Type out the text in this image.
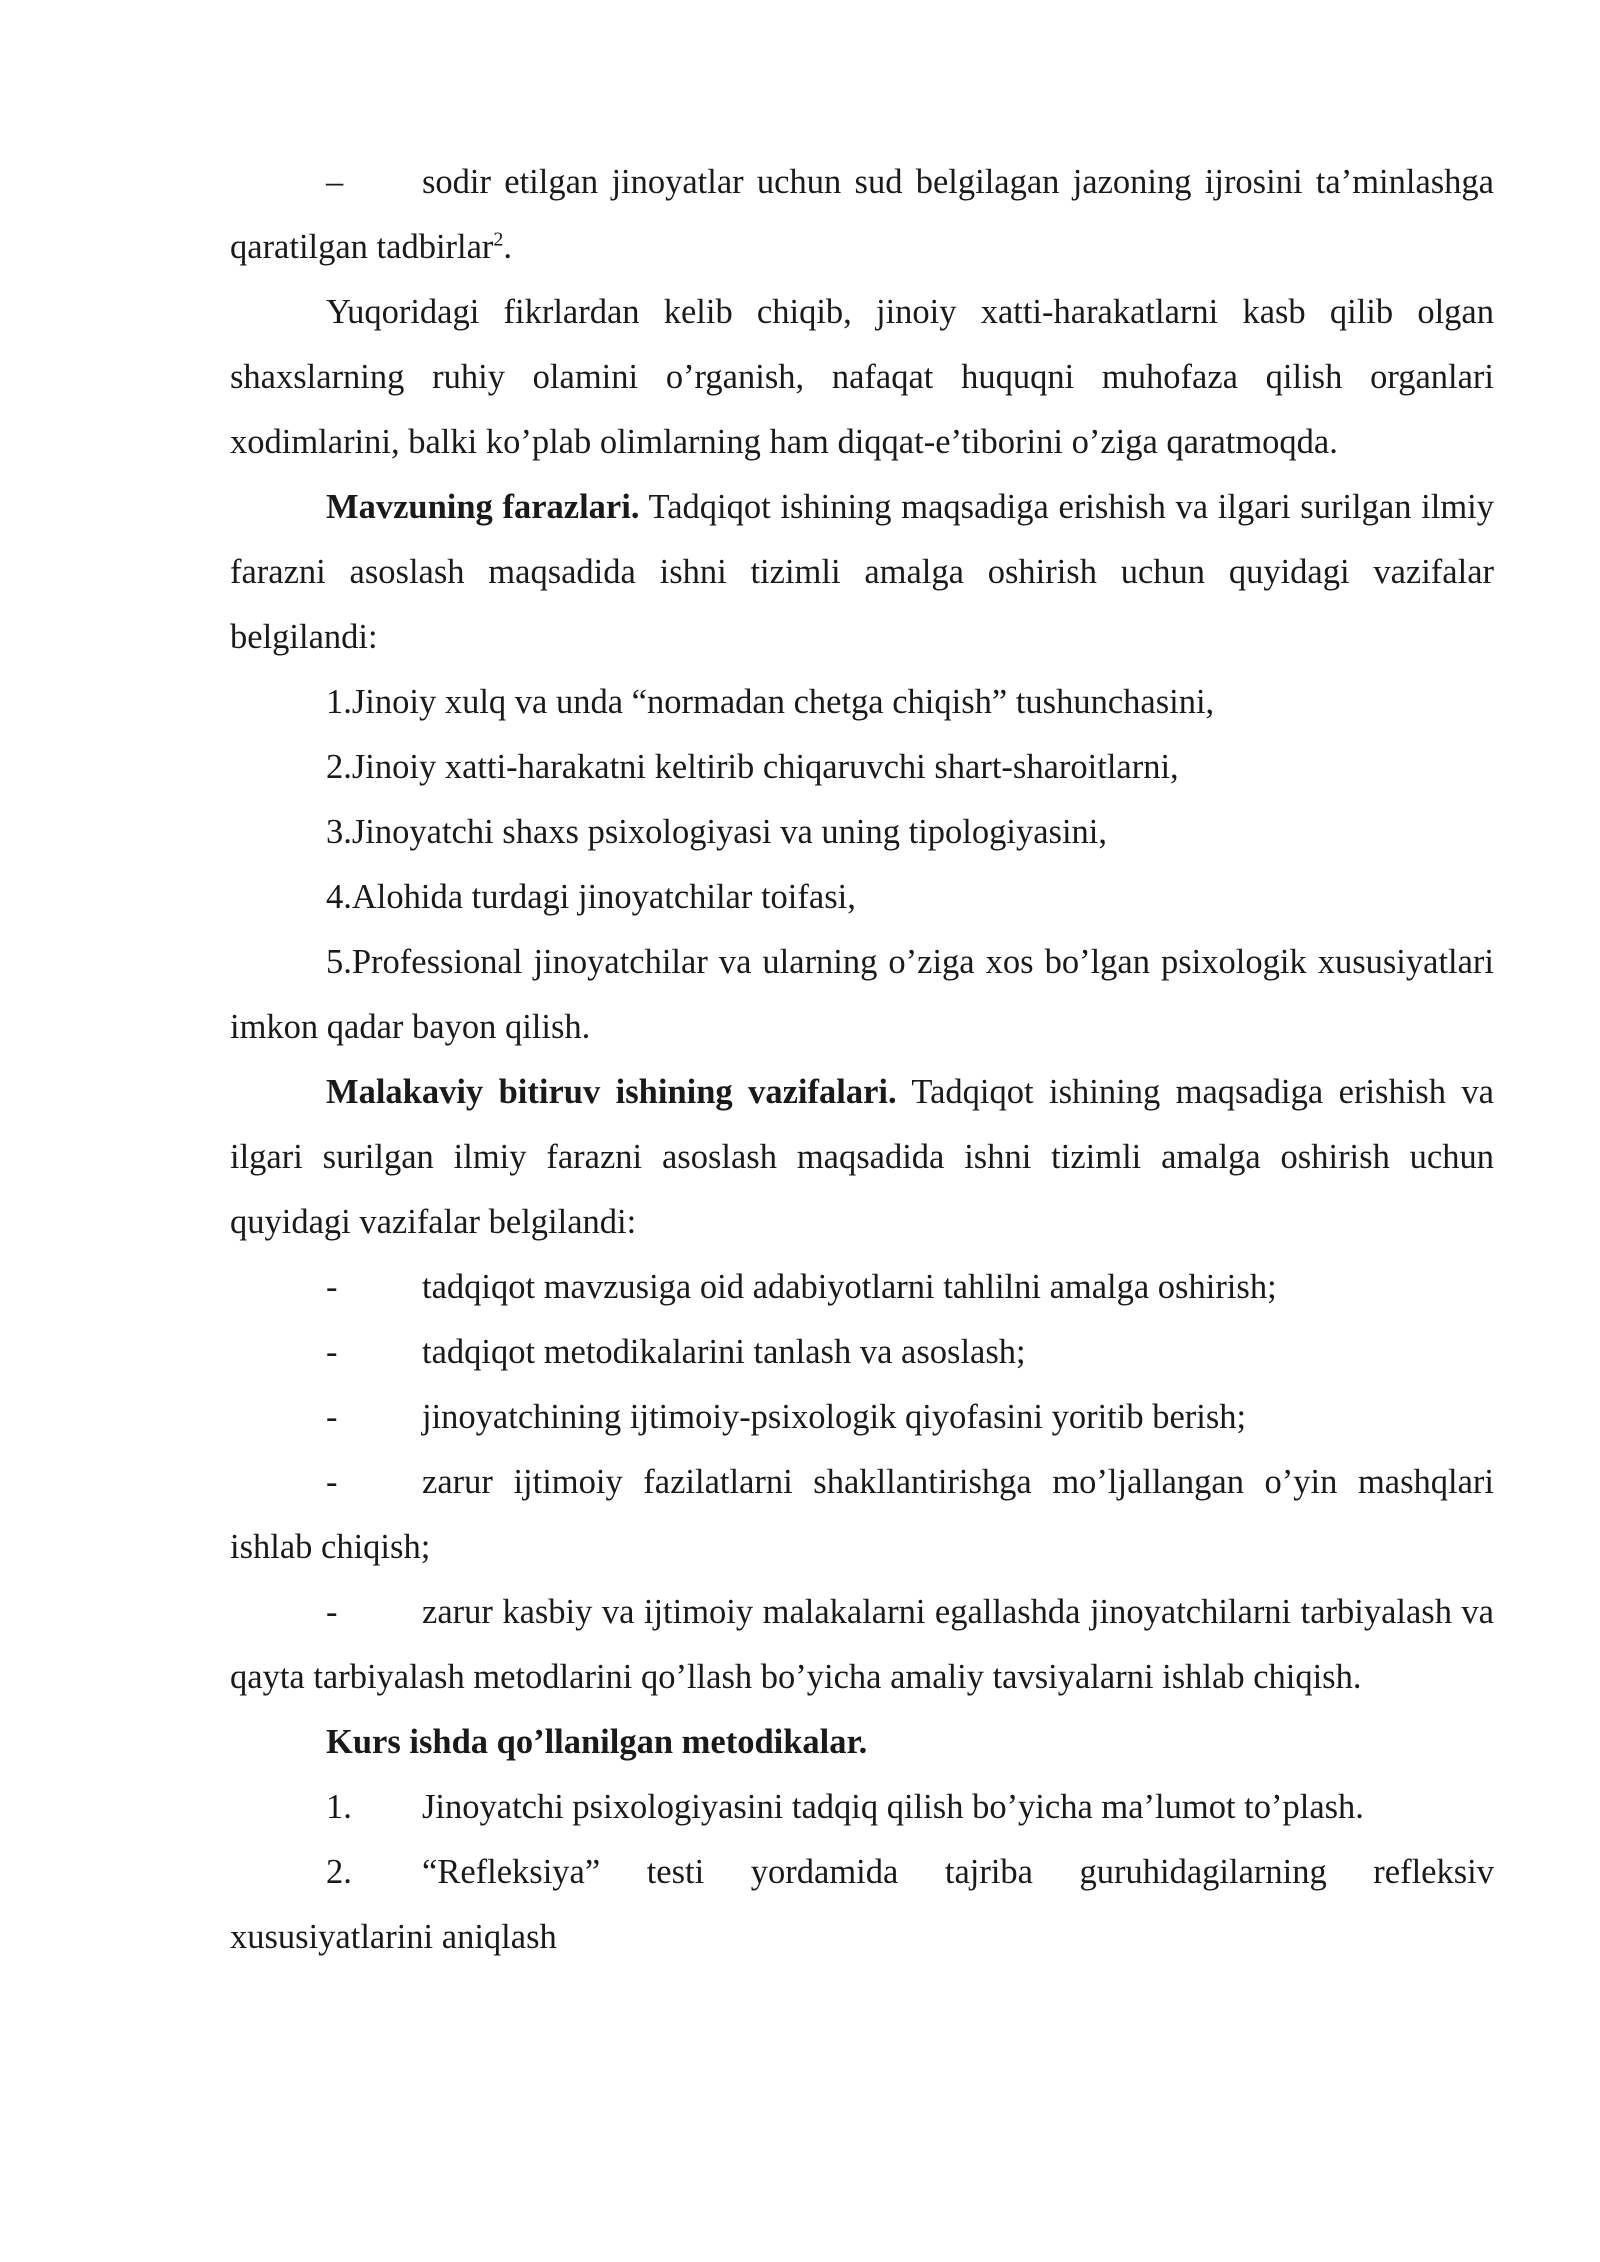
– sodir etilgan jinoyatlar uchun sud belgilagan jazoning ijrosini ta’minlashga qaratilgan tadbirlar$^2$.

Yuqoridagi fikrlardan kelib chiqib, jinoiy xatti-harakatlarni kasb qilib olgan shaxslarning ruhiy olamini o’rganish, nafaqat huquqni muhofaza qilish organlari xodimlarini, balki ko’plab olimlarning ham diqqat-e’tiborini o’ziga qaratmoqda.

Mavzuning farazlari. Tadqiqot ishining maqsadiga erishish va ilgari surilgan ilmiy farazni asoslash maqsadida ishni tizimli amalga oshirish uchun quyidagi vazifalar belgilandi:

1.Jinoiy xulq va unda “normadan chetga chiqish” tushunchasini,

2.Jinoiy xatti-harakatni keltirib chiqaruvchi shart-sharoitlarni,

3.Jinoyatchi shaxs psixologiyasi va uning tipologiyasini,

4.Alohida turdagi jinoyatchilar toifasi,

5.Professional jinoyatchilar va ularning o’ziga xos bo’lgan psixologik xususiyatlari imkon qadar bayon qilish.

Malakaviy bitiruv ishining vazifalari. Tadqiqot ishining maqsadiga erishish va ilgari surilgan ilmiy farazni asoslash maqsadida ishni tizimli amalga oshirish uchun quyidagi vazifalar belgilandi:

- tadqiqot mavzusiga oid adabiyotlarni tahlilni amalga oshirish;

- tadqiqot metodikalarini tanlash va asoslash;

- jinoyatchining ijtimoiy-psixologik qiyofasini yoritib berish;

- zarur ijtimoiy fazilatlarni shakllantirishga mo’ljallangan o’yin mashqlari ishlab chiqish;

- zarur kasbiy va ijtimoiy malakalarni egallashda jinoyatchilarni tarbiyalash va qayta tarbiyalash metodlarini qo’llash bo’yicha amaliy tavsiyalarni ishlab chiqish.

Kurs ishda qo’llanilgan metodikalar.

1. Jinoyatchi psixologiyasini tadqiq qilish bo’yicha ma’lumot to’plash.

2. “Refleksiya” testi yordamida tajriba guruhidagilarning refleksiv xususiyatlarini aniqlash
